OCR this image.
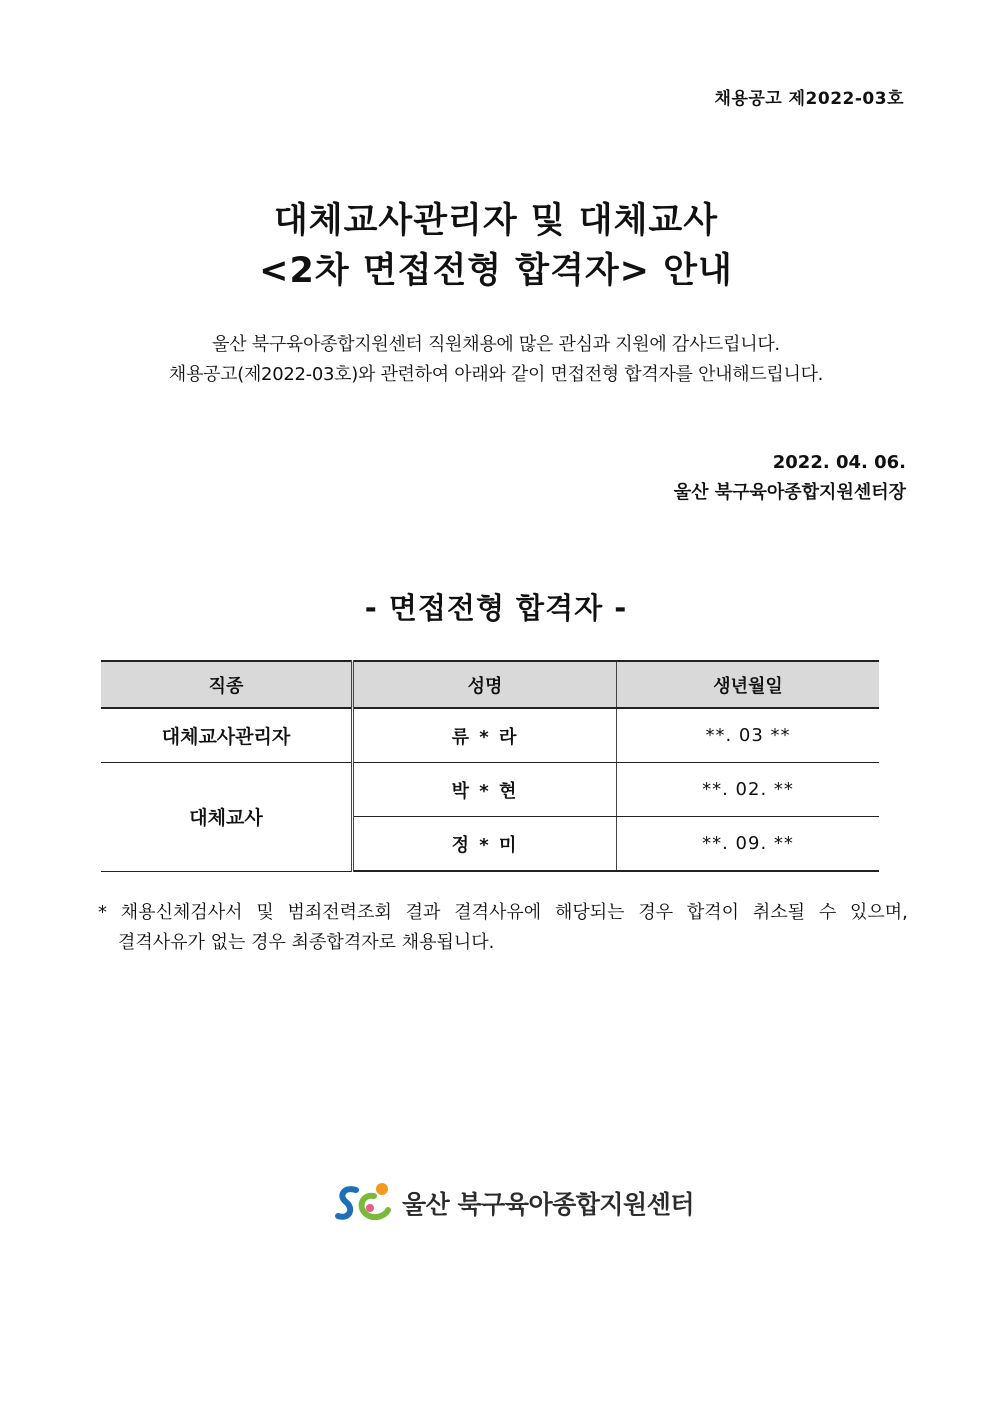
채용공고 제2022-03호
대체교사관리자 및 대체교사
<2차 면접전형 합격자> 안내
울산 북구육아종합지원센터 직원채용에 많은 관심과 지원에 감사드립니다.
채용공고(제2022-03호)와 관련하여 아래와 같이 면접전형 합격자를 안내해드립니다.
2022. 04. 06.
울산 북구육아종합지원센터장
- 면접전형 합격자 -
직종	성명	생년월일
대체교사관리자	류 * 라	**. 03 **
대체교사	박 * 현	**. 02. **
	정 * 미	**. 09. **
* 채용신체검사서 및 범죄전력조회 결과 결격사유에 해당되는 경우 합격이 취소될 수 있으며,
결격사유가 없는 경우 최종합격자로 채용됩니다.
울산 북구육아종합지원센터
